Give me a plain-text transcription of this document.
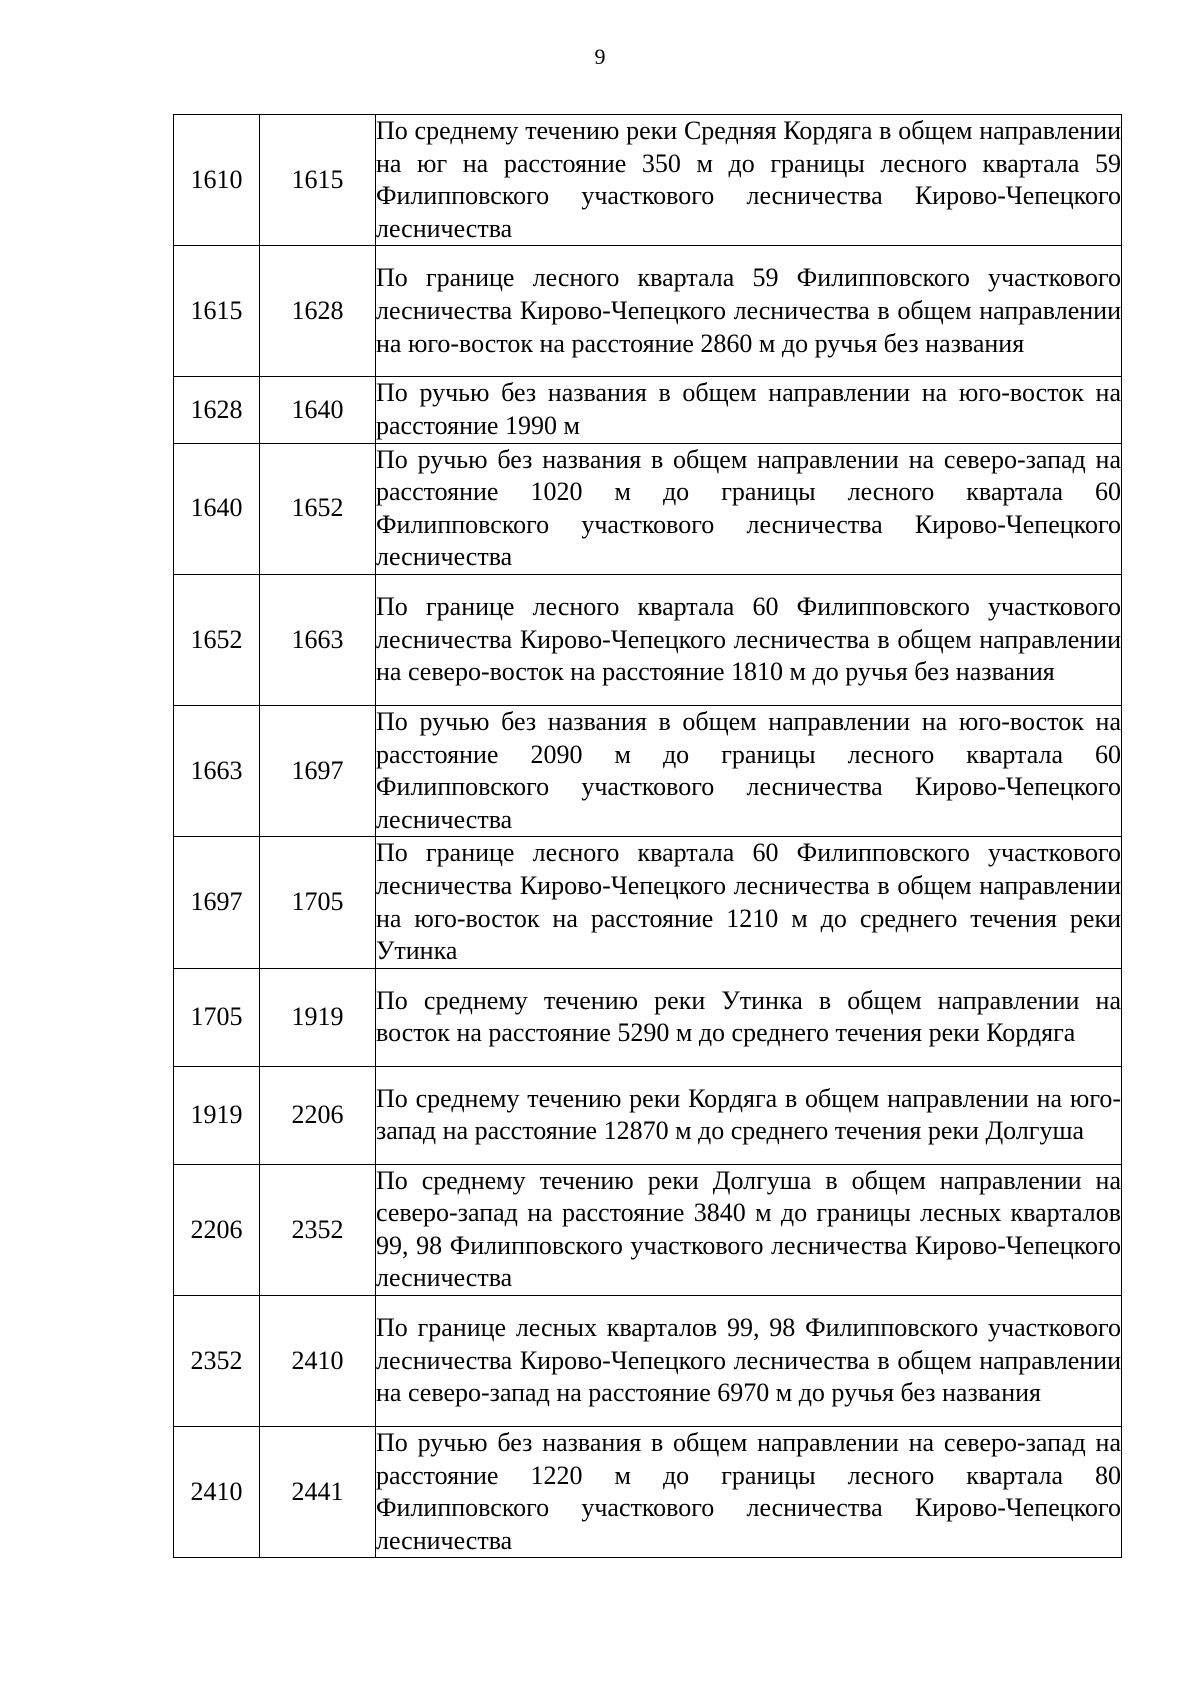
9
1610	1615	По среднему течению реки Средняя Кордяга в общем направлении на юг на расстояние 350 м до границы лесного квартала 59 Филипповского участкового лесничества Кирово-Чепецкого лесничества
1615	1628	По границе лесного квартала 59 Филипповского участкового лесничества Кирово-Чепецкого лесничества в общем направлении на юго-восток на расстояние 2860 м до ручья без названия
1628	1640	По ручью без названия в общем направлении на юго-восток на расстояние 1990 м
1640	1652	По ручью без названия в общем направлении на северо-запад на расстояние 1020 м до границы лесного квартала 60 Филипповского участкового лесничества Кирово-Чепецкого лесничества
1652	1663	По границе лесного квартала 60 Филипповского участкового лесничества Кирово-Чепецкого лесничества в общем направлении на северо-восток на расстояние 1810 м до ручья без названия
1663	1697	По ручью без названия в общем направлении на юго-восток на расстояние 2090 м до границы лесного квартала 60 Филипповского участкового лесничества Кирово-Чепецкого лесничества
1697	1705	По границе лесного квартала 60 Филипповского участкового лесничества Кирово-Чепецкого лесничества в общем направлении на юго-восток на расстояние 1210 м до среднего течения реки Утинка
1705	1919	По среднему течению реки Утинка в общем направлении на восток на расстояние 5290 м до среднего течения реки Кордяга
1919	2206	По среднему течению реки Кордяга в общем направлении на юго-запад на расстояние 12870 м до среднего течения реки Долгуша
2206	2352	По среднему течению реки Долгуша в общем направлении на северо-запад на расстояние 3840 м до границы лесных кварталов 99, 98 Филипповского участкового лесничества Кирово-Чепецкого лесничества
2352	2410	По границе лесных кварталов 99, 98 Филипповского участкового лесничества Кирово-Чепецкого лесничества в общем направлении на северо-запад на расстояние 6970 м до ручья без названия
2410	2441	По ручью без названия в общем направлении на северо-запад на расстояние 1220 м до границы лесного квартала 80 Филипповского участкового лесничества Кирово-Чепецкого лесничества
